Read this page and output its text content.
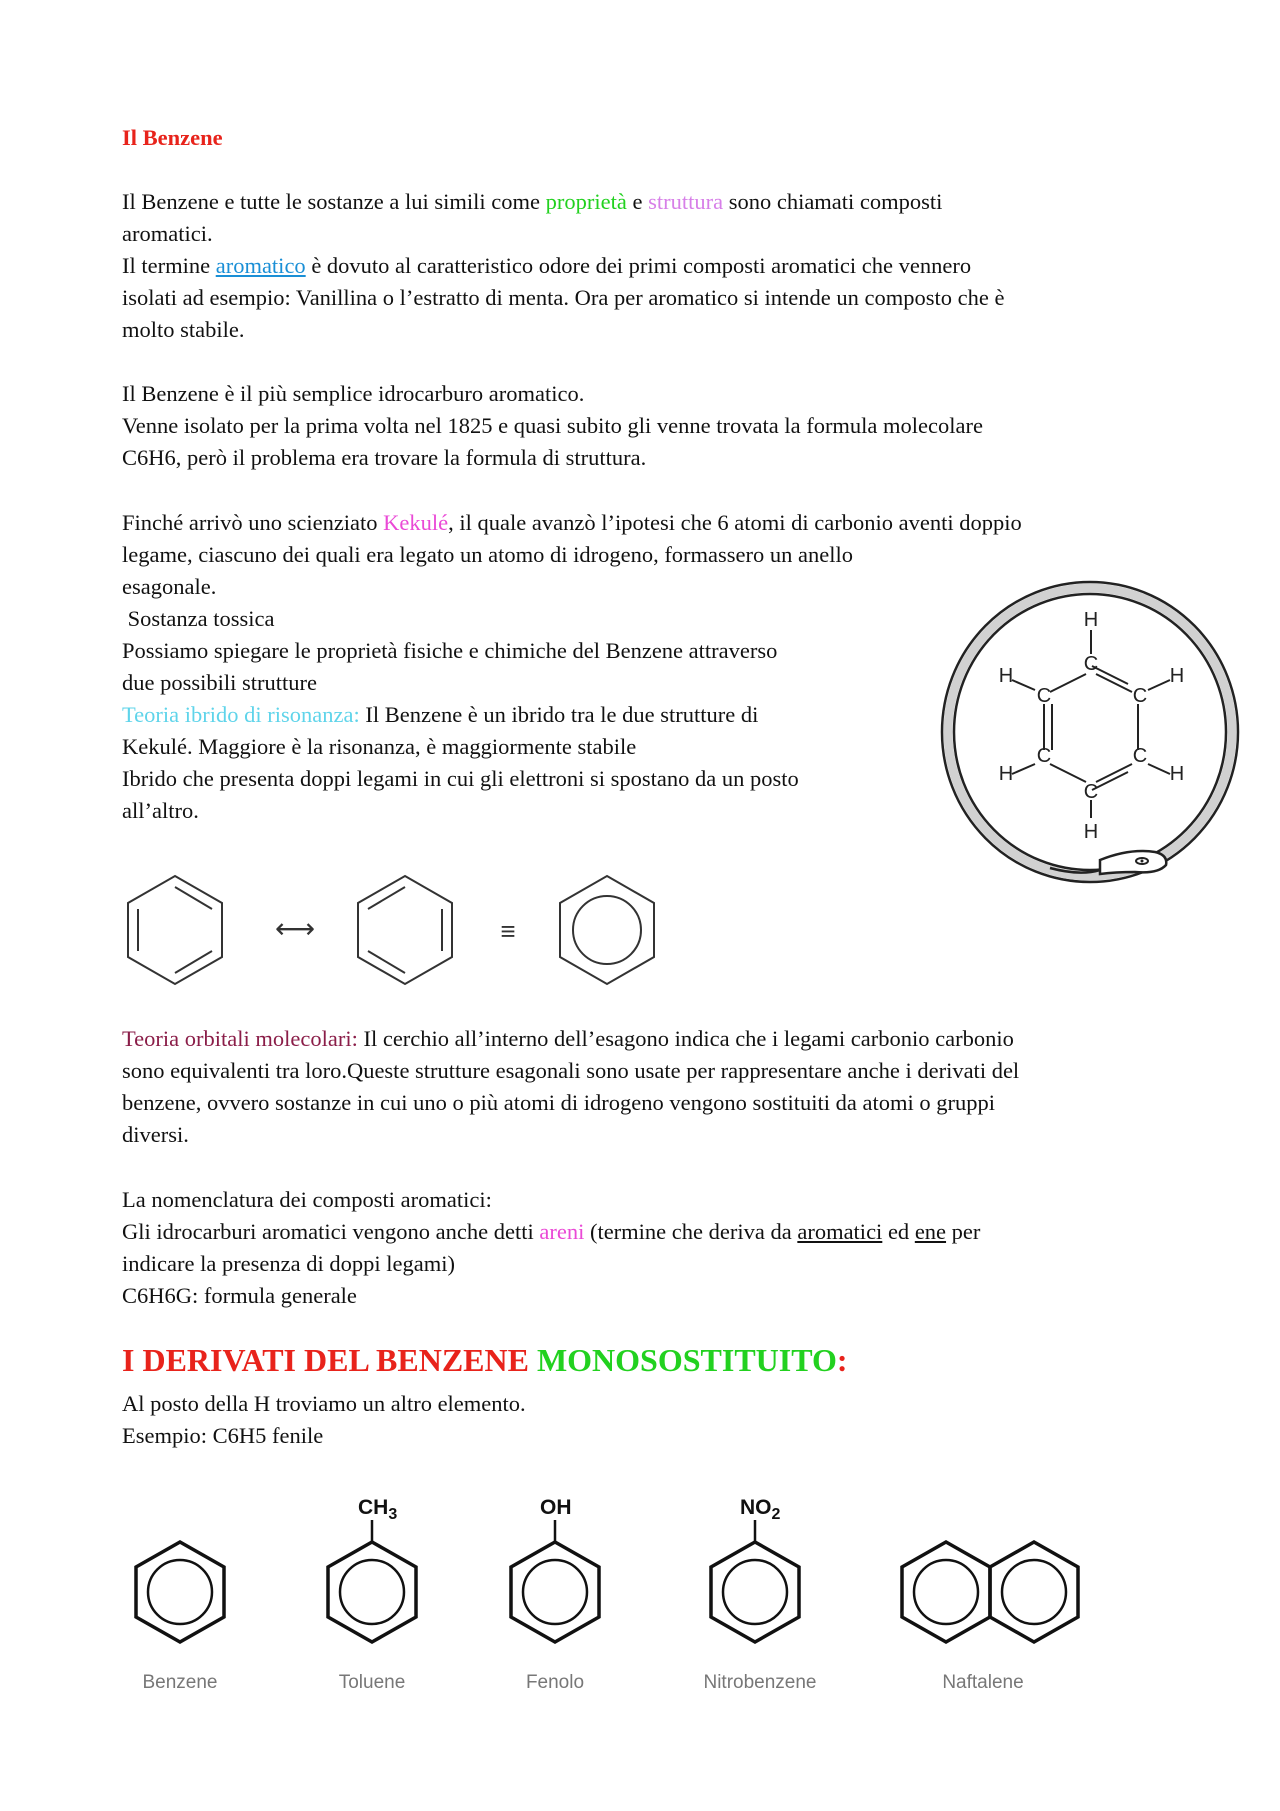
Il Benzene

Il Benzene e tutte le sostanze a lui simili come proprietà e struttura sono chiamati composti

aromatici.

Il termine aromatico è dovuto al caratteristico odore dei primi composti aromatici che vennero

isolati ad esempio: Vanillina o l’estratto di menta. Ora per aromatico si intende un composto che è

molto stabile.

Il Benzene è il più semplice idrocarburo aromatico.

Venne isolato per la prima volta nel 1825 e quasi subito gli venne trovata la formula molecolare

C6H6, però il problema era trovare la formula di struttura.

Finché arrivò uno scienziato Kekulé, il quale avanzò l’ipotesi che 6 atomi di carbonio aventi doppio

legame, ciascuno dei quali era legato un atomo di idrogeno, formassero un anello

esagonale.

Sostanza tossica

Possiamo spiegare le proprietà fisiche e chimiche del Benzene attraverso

due possibili strutture

Teoria ibrido di risonanza: Il Benzene è un ibrido tra le due strutture di

Kekulé. Maggiore è la risonanza, è maggiormente stabile

Ibrido che presenta doppi legami in cui gli elettroni si spostano da un posto

all’altro.

H
C
C	C
C	C
C
H
H	H
H	H
⟷	≡

Teoria orbitali molecolari: Il cerchio all’interno dell’esagono indica che i legami carbonio carbonio

sono equivalenti tra loro.Queste strutture esagonali sono usate per rappresentare anche i derivati del

benzene, ovvero sostanze in cui uno o più atomi di idrogeno vengono sostituiti da atomi o gruppi

diversi.

La nomenclatura dei composti aromatici:

Gli idrocarburi aromatici vengono anche detti areni (termine che deriva da aromatici ed ene per

indicare la presenza di doppi legami)

C6H6G: formula generale

I DERIVATI DEL BENZENE MONOSOSTITUITO:

Al posto della H troviamo un altro elemento.

Esempio: C6H5 fenile

$CH_3$	OH	$NO_2$
Benzene	Toluene	Fenolo	Nitrobenzene	Naftalene
